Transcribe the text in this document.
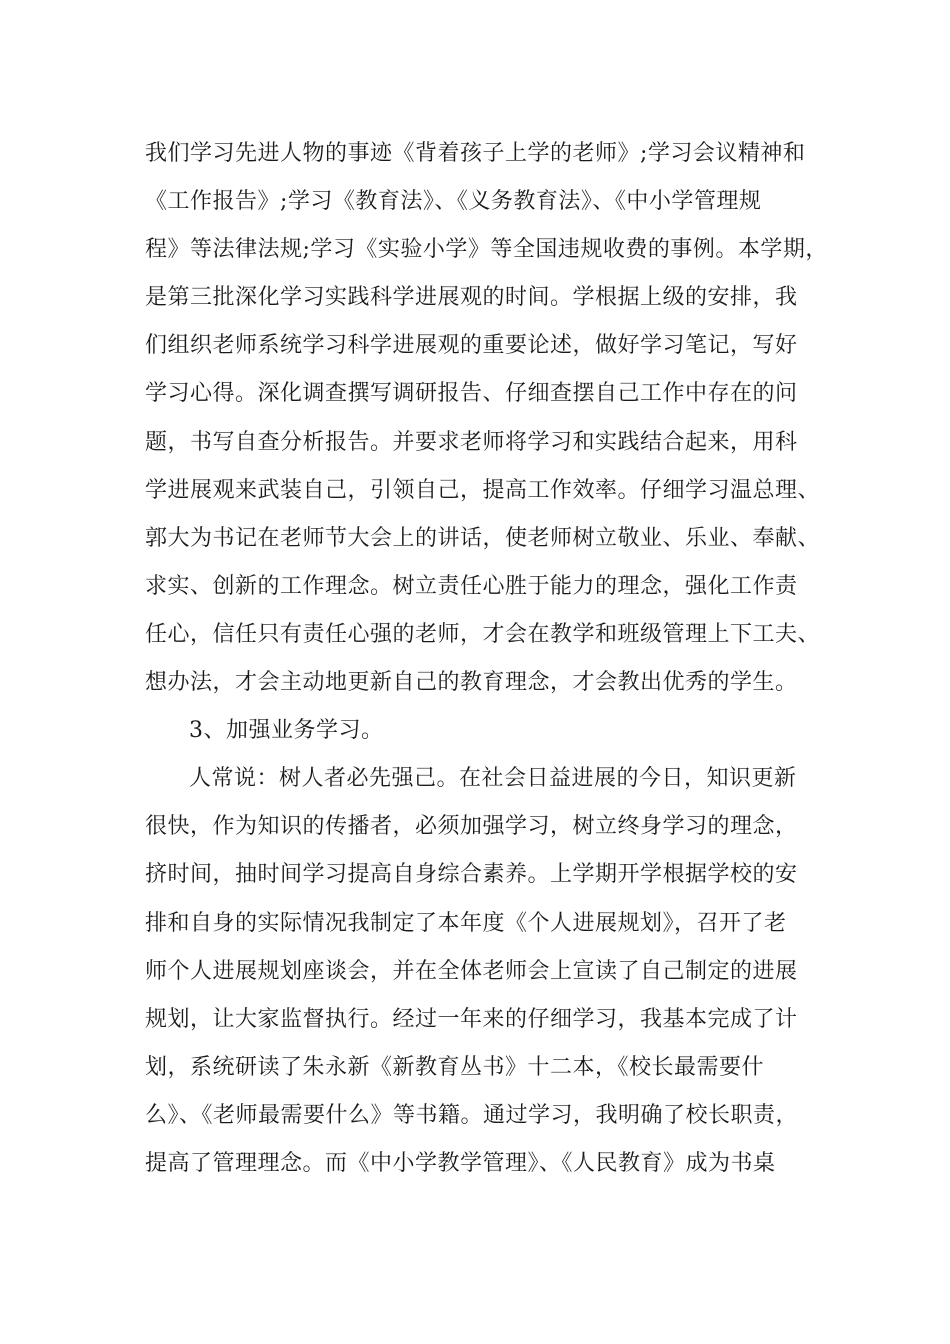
我们学习先进人物的事迹《背着孩子上学的老师》;学习会议精神和
《工作报告》;学习《教育法》、《义务教育法》、《中小学管理规
程》等法律法规;学习《实验小学》等全国违规收费的事例。本学期，
是第三批深化学习实践科学进展观的时间。学根据上级的安排，我
们组织老师系统学习科学进展观的重要论述，做好学习笔记，写好
学习心得。深化调查撰写调研报告、仔细查摆自己工作中存在的问
题，书写自查分析报告。并要求老师将学习和实践结合起来，用科
学进展观来武装自己，引领自己，提高工作效率。仔细学习温总理、
郭大为书记在老师节大会上的讲话，使老师树立敬业、乐业、奉献、
求实、创新的工作理念。树立责任心胜于能力的理念，强化工作责
任心，信任只有责任心强的老师，才会在教学和班级管理上下工夫、
想办法，才会主动地更新自己的教育理念，才会教出优秀的学生。
3、加强业务学习。
人常说：树人者必先强己。在社会日益进展的今日，知识更新
很快，作为知识的传播者，必须加强学习，树立终身学习的理念，
挤时间，抽时间学习提高自身综合素养。上学期开学根据学校的安
排和自身的实际情况我制定了本年度《个人进展规划》，召开了老
师个人进展规划座谈会，并在全体老师会上宣读了自己制定的进展
规划，让大家监督执行。经过一年来的仔细学习，我基本完成了计
划，系统研读了朱永新《新教育丛书》十二本，《校长最需要什
么》、《老师最需要什么》等书籍。通过学习，我明确了校长职责，
提高了管理理念。而《中小学教学管理》、《人民教育》成为书桌
